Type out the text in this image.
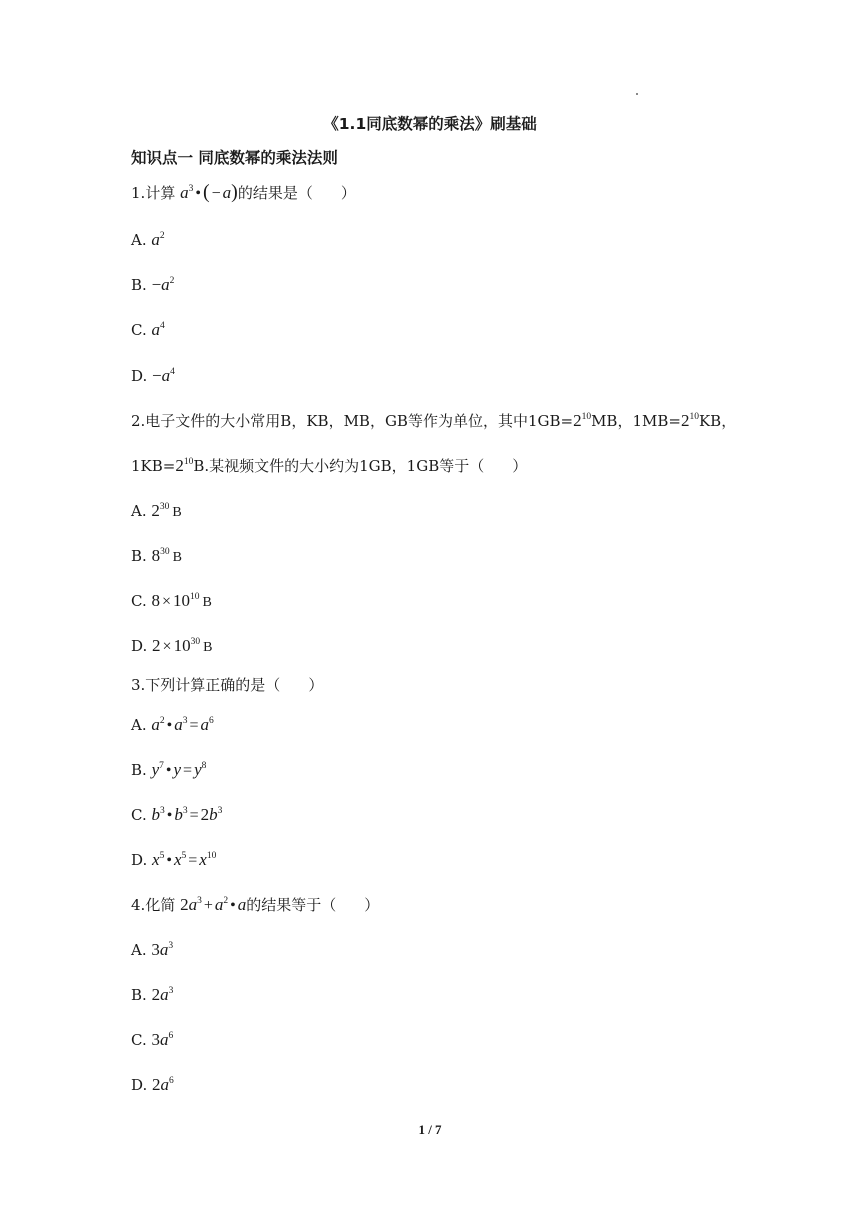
《1.1同底数幂的乘法》刷基础
知识点一 同底数幂的乘法法则
1.计算 $a^3$ • ( − a)的结果是（ ）
A. $a^2$
B. $-a^2$
C. $a^4$
D. $-a^4$
2.电子文件的大小常用B，KB，MB，GB等作为单位，其中$1GB=2^{10}MB$，$1MB=2^{10}KB$，
$1KB=2^{10}B$.某视频文件的大小约为1GB，1GB等于（ ）
A. $2^{30}$ B
B. $8^{30}$ B
C. $8 \times 10^{10}$ B
D. $2 \times 10^{30}$ B
3.下列计算正确的是（ ）
A. $a^2$ • $a^3 = a^6$
B. $y^7$ • $y = y^8$
C. $b^3$ • $b^3 = 2b^3$
D. $x^5$ • $x^5 = x^{10}$
4.化简 $2a^3 + a^2$ • a的结果等于（ ）
A. $3a^3$
B. $2a^3$
C. $3a^6$
D. $2a^6$
1 / 7
